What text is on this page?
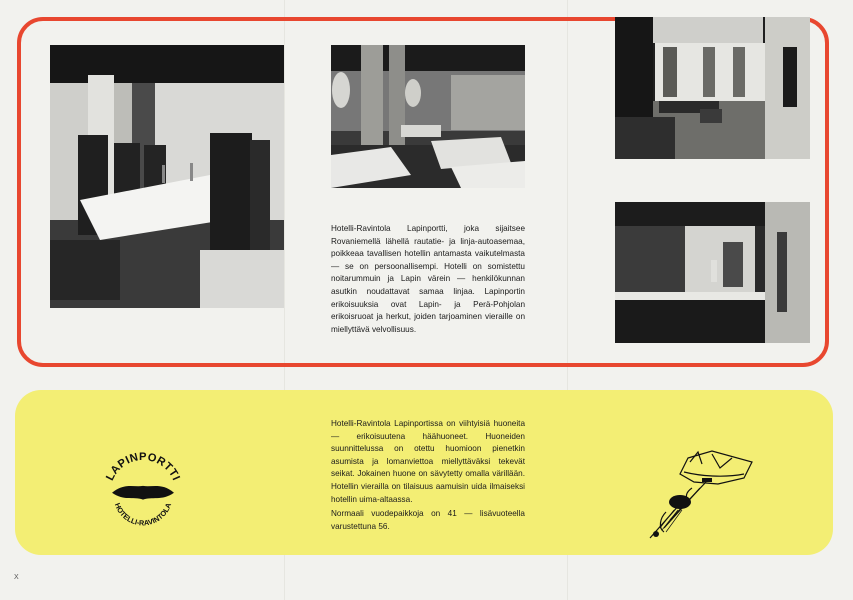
Hotelli-Ravintola Lapinportti, joka sijaitsee Rovaniemellä lähellä rautatie- ja linja-autoasemaa, poikkeaa tavallisen hotellin antamasta vaikutelmasta — se on persoonallisempi. Hotelli on somistettu noitarummuin ja Lapin värein — henkilökunnan asutkin noudattavat samaa linjaa. Lapinportin erikoisuuksia ovat Lapin- ja Perä-Pohjolan erikoisruoat ja herkut, joiden tarjoaminen vieraille on miellyttävä velvollisuus.

LAPINPORTTI
HOTELLI-RAVINTOLA

Hotelli-Ravintola Lapinportissa on viihtyisiä huoneita — erikoisuutena häähuoneet. Huoneiden suunnittelussa on otettu huomioon pienetkin asumista ja lomanviettoa miellyttäväksi tekevät seikat. Jokainen huone on sävytetty omalla värillään. Hotellin vierailla on tilaisuus aamuisin uida ilmaiseksi hotellin uima-altaassa.

Normaali vuodepaikkoja on 41 — lisävuoteella varustettuna 56.

X
